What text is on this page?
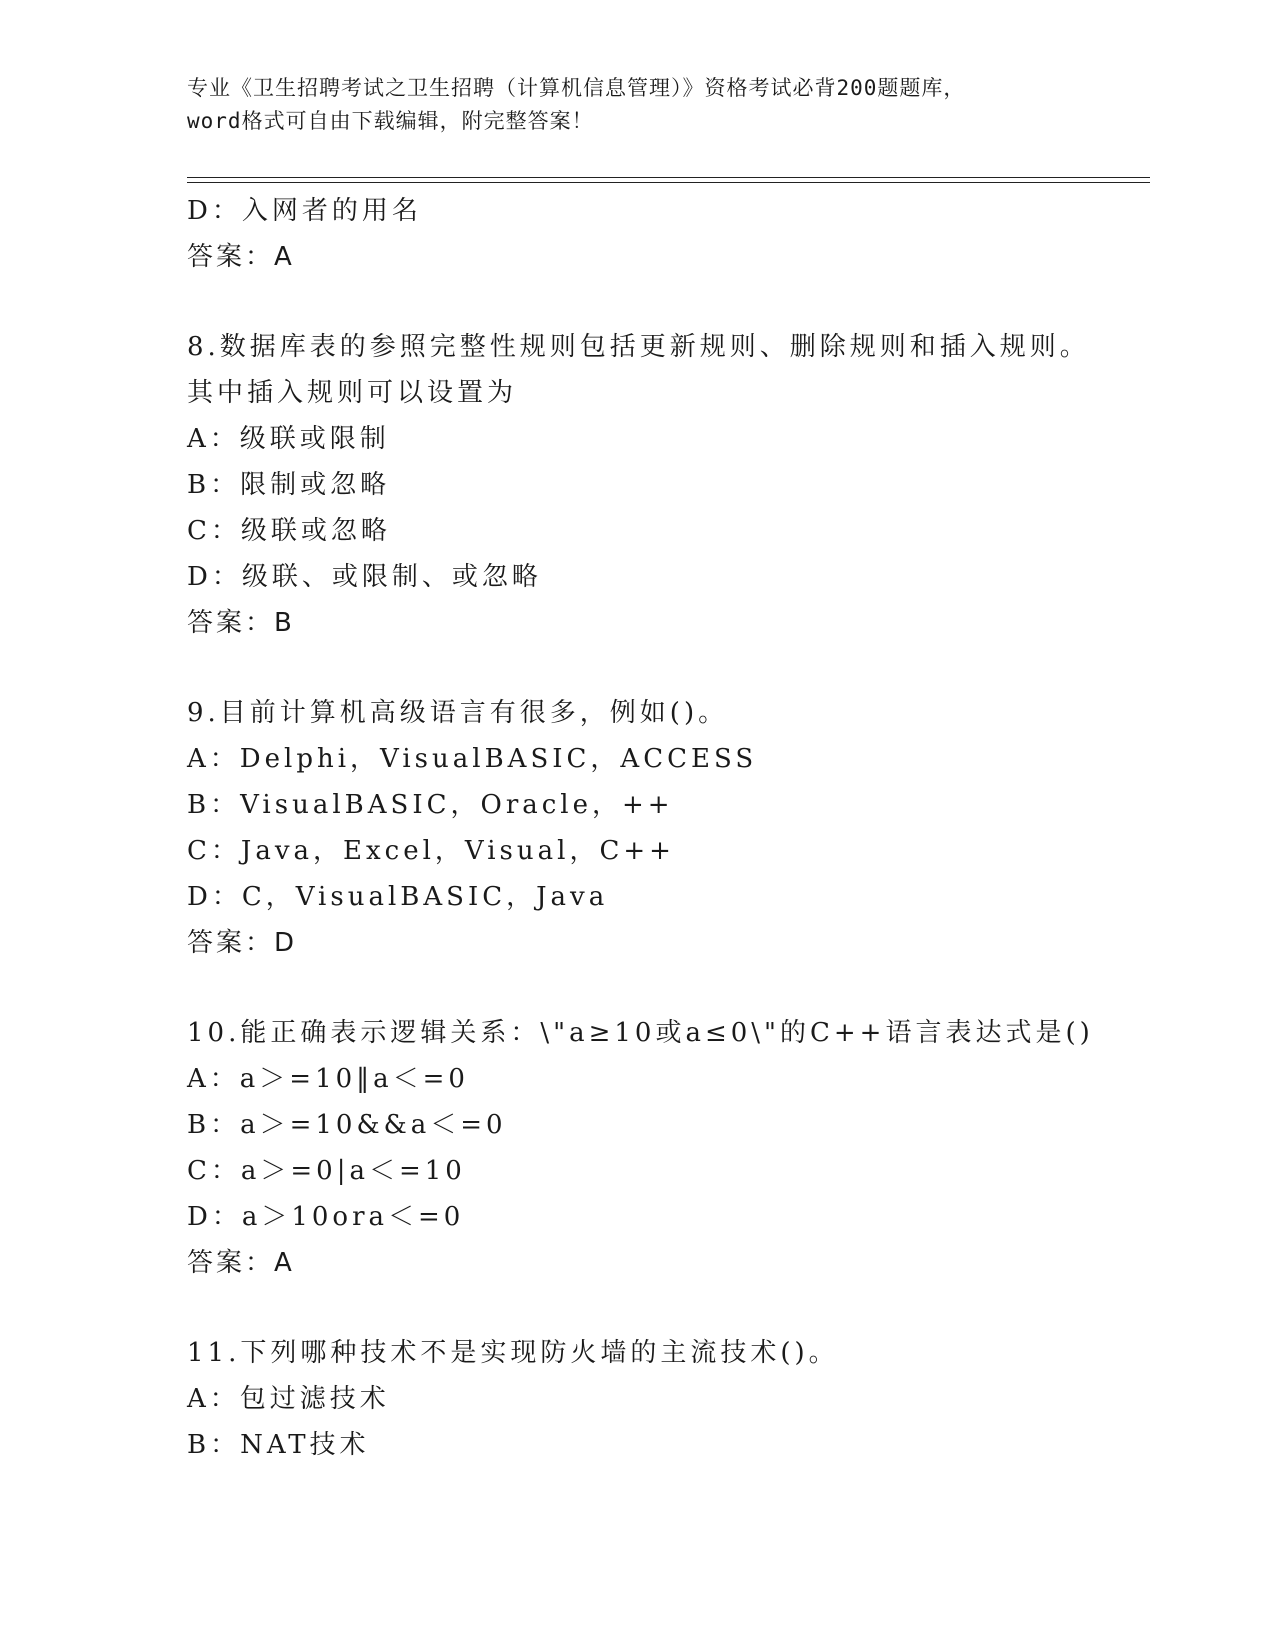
专业《卫生招聘考试之卫生招聘（计算机信息管理）》资格考试必背200题题库，
word格式可自由下载编辑，附完整答案！
D：入网者的用名
答案：A
8.数据库表的参照完整性规则包括更新规则、删除规则和插入规则。
其中插入规则可以设置为
A：级联或限制
B：限制或忽略
C：级联或忽略
D：级联、或限制、或忽略
答案：B
9.目前计算机高级语言有很多，例如()。
A：Delphi，VisualBASIC，ACCESS
B：VisualBASIC，Oracle，++
C：Java，Excel，Visual，C++
D：C，VisualBASIC，Java
答案：D
10.能正确表示逻辑关系：\"a≥10或a≤0\"的C++语言表达式是()
A：a＞=10‖a＜=0
B：a＞=10&&a＜=0
C：a＞=0|a＜=10
D：a＞10ora＜=0
答案：A
11.下列哪种技术不是实现防火墙的主流技术()。
A：包过滤技术
B：NAT技术
